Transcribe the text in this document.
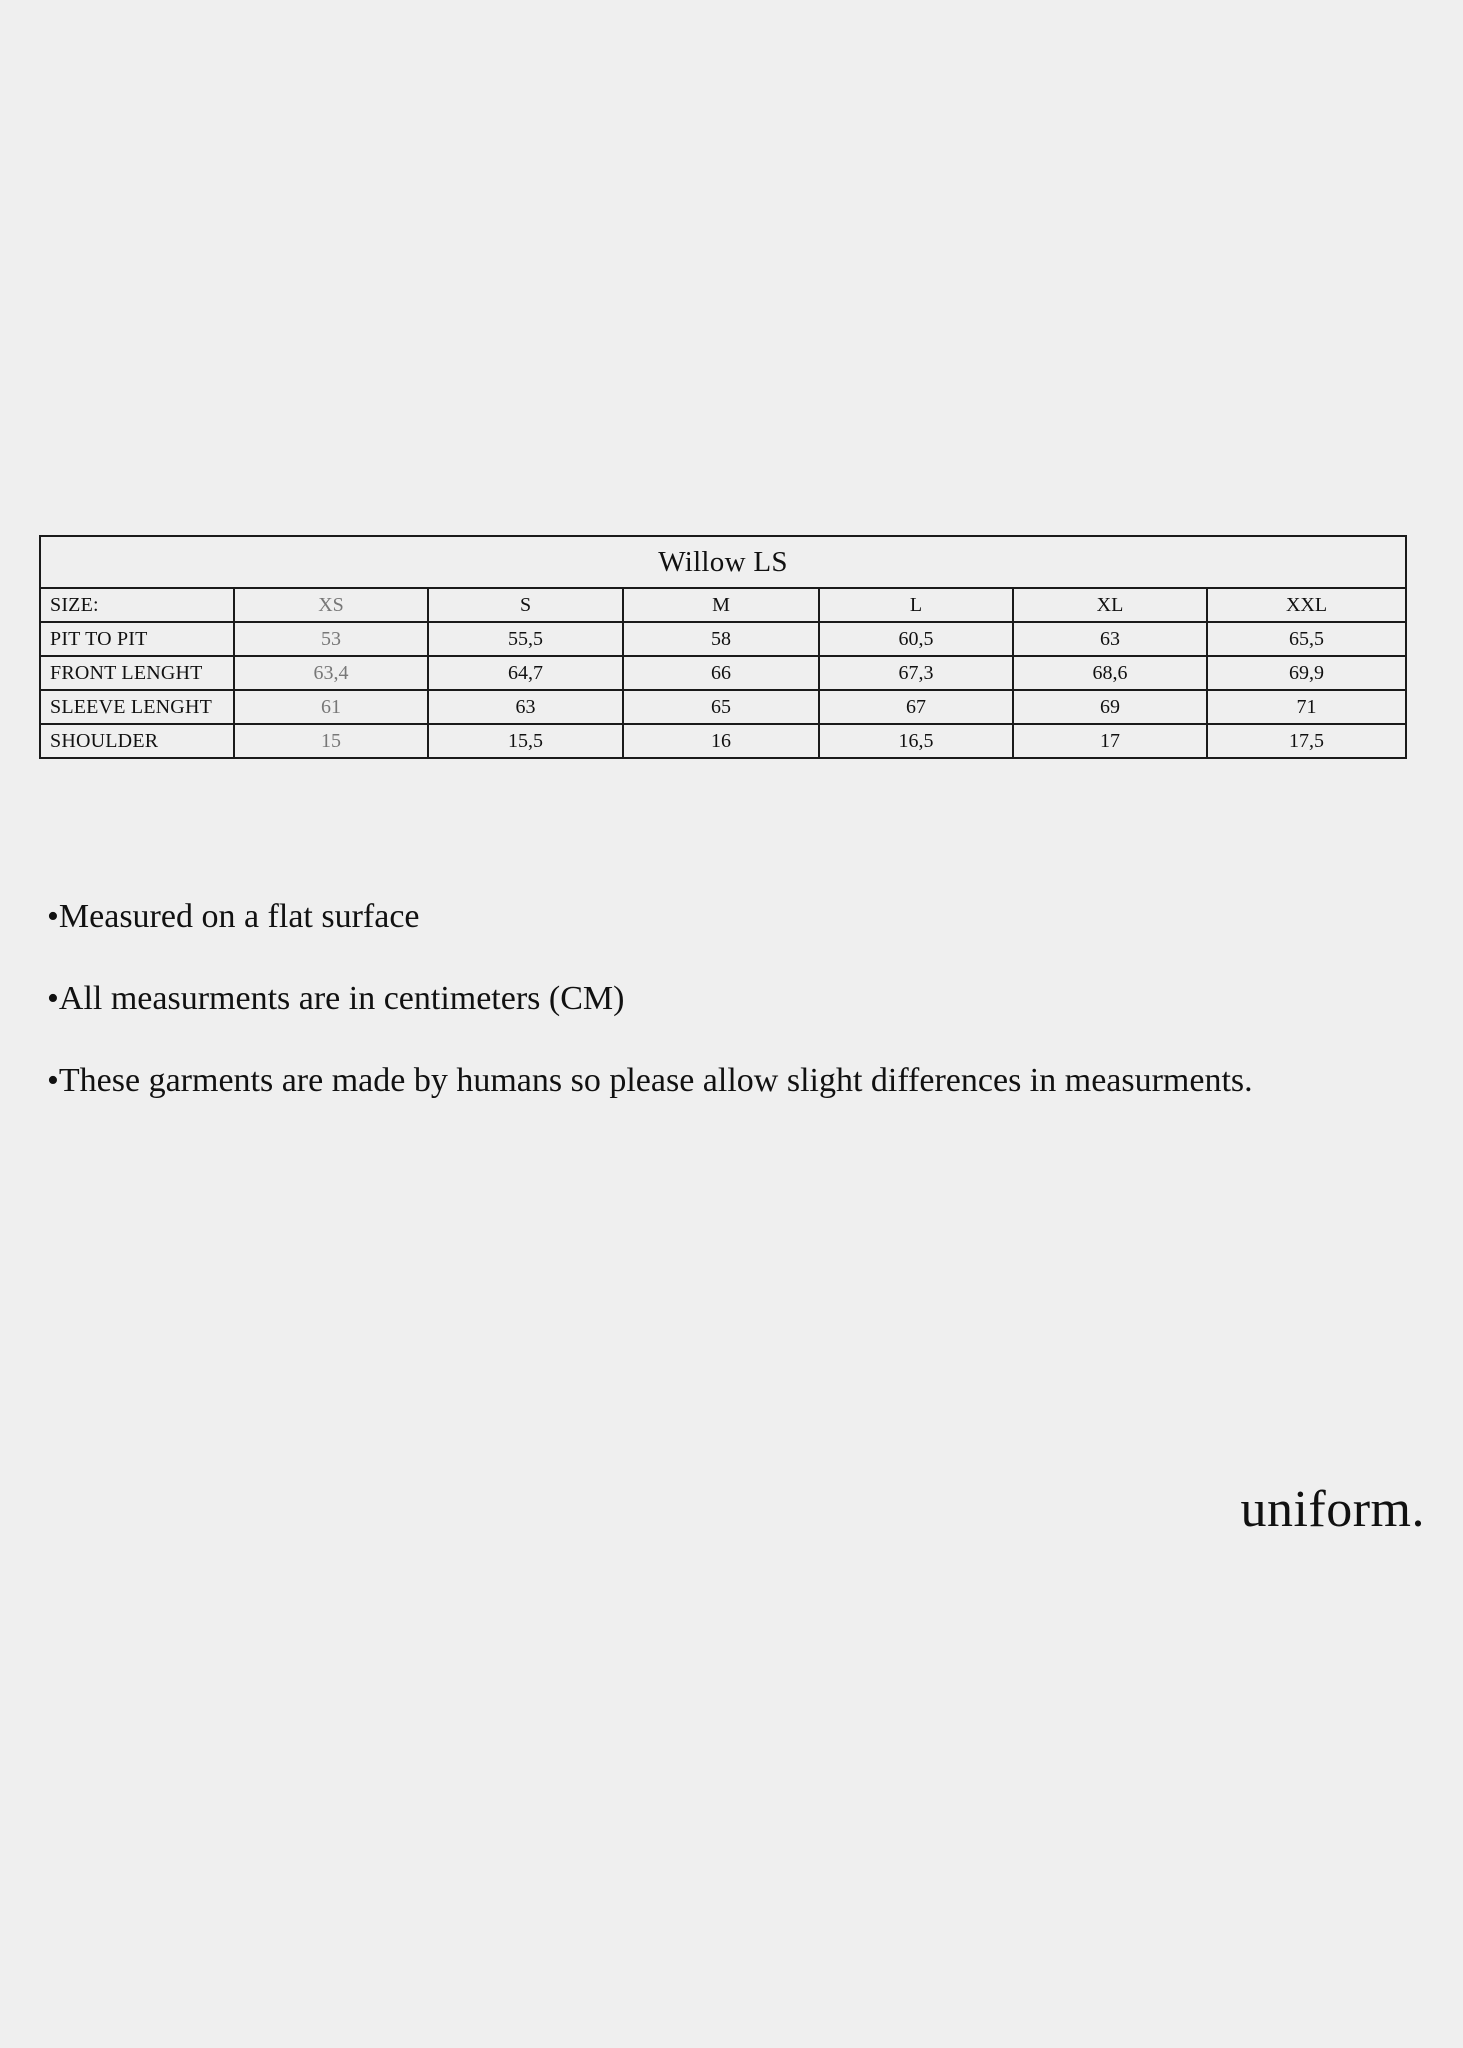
Willow LS						
SIZE:	XS	S	M	L	XL	XXL
PIT TO PIT	53	55,5	58	60,5	63	65,5
FRONT LENGHT	63,4	64,7	66	67,3	68,6	69,9
SLEEVE LENGHT	61	63	65	67	69	71
SHOULDER	15	15,5	16	16,5	17	17,5

•Measured on a flat surface

•All measurments are in centimeters (CM)

•These garments are made by humans so please allow slight differences in measurments.

uniform.
